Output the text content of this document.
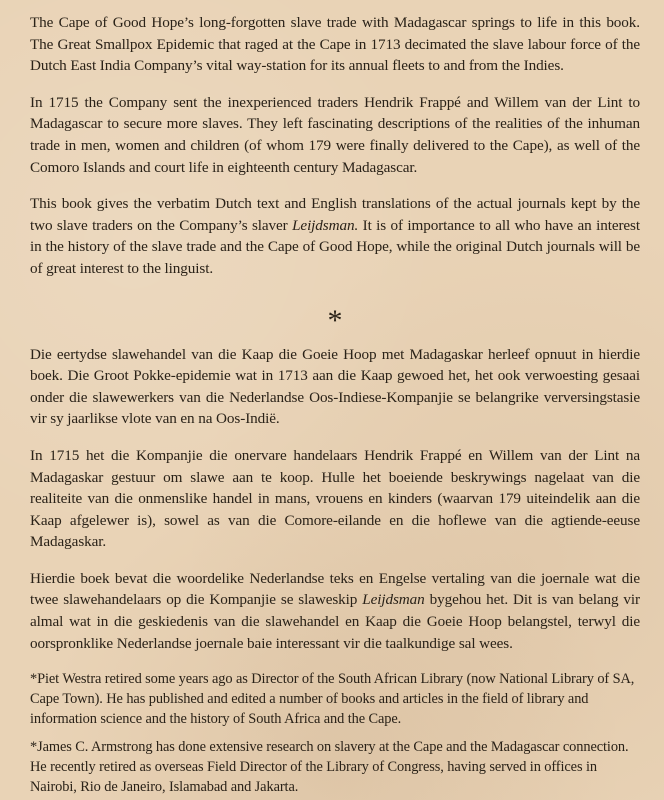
The Cape of Good Hope’s long-forgotten slave trade with Madagascar springs to life in this book. The Great Smallpox Epidemic that raged at the Cape in 1713 decimated the slave labour force of the Dutch East India Company’s vital way-station for its annual fleets to and from the Indies.

In 1715 the Company sent the inexperienced traders Hendrik Frappé and Willem van der Lint to Madagascar to secure more slaves. They left fascinating descriptions of the realities of the inhuman trade in men, women and children (of whom 179 were finally delivered to the Cape), as well of the Comoro Islands and court life in eighteenth century Madagascar.

This book gives the verbatim Dutch text and English translations of the actual journals kept by the two slave traders on the Company’s slaver Leijdsman. It is of importance to all who have an interest in the history of the slave trade and the Cape of Good Hope, while the original Dutch journals will be of great interest to the linguist.

*

Die eertydse slawehandel van die Kaap die Goeie Hoop met Madagaskar herleef opnuut in hierdie boek. Die Groot Pokke-epidemie wat in 1713 aan die Kaap gewoed het, het ook verwoesting gesaai onder die slawewerkers van die Nederlandse Oos-Indiese-Kompanjie se belangrike verversingstasie vir sy jaarlikse vlote van en na Oos-Indië.

In 1715 het die Kompanjie die onervare handelaars Hendrik Frappé en Willem van der Lint na Madagaskar gestuur om slawe aan te koop. Hulle het boeiende beskrywings nagelaat van die realiteite van die onmenslike handel in mans, vrouens en kinders (waarvan 179 uiteindelik aan die Kaap afgelewer is), sowel as van die Comore-eilande en die hoflewe van die agtiende-eeuse Madagaskar.

Hierdie boek bevat die woordelike Nederlandse teks en Engelse vertaling van die joernale wat die twee slawehandelaars op die Kompanjie se slaweskip Leijdsman bygehou het. Dit is van belang vir almal wat in die geskiedenis van die slawehandel en Kaap die Goeie Hoop belangstel, terwyl die oorspronklike Nederlandse joernale baie interessant vir die taalkundige sal wees.

*Piet Westra retired some years ago as Director of the South African Library (now National Library of SA, Cape Town). He has published and edited a number of books and articles in the field of library and information science and the history of South Africa and the Cape.

*James C. Armstrong has done extensive research on slavery at the Cape and the Madagascar connection. He recently retired as overseas Field Director of the Library of Congress, having served in offices in Nairobi, Rio de Janeiro, Islamabad and Jakarta.
